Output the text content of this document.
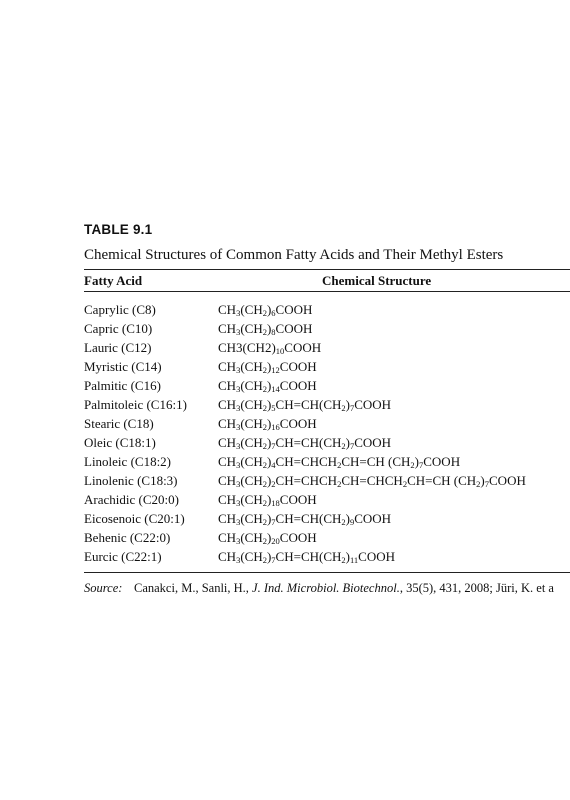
TABLE 9.1
Chemical Structures of Common Fatty Acids and Their Methyl Esters
Fatty Acid	Chemical Structure
Caprylic (C8)	$CH_3(CH_2)_6COOH$
Capric (C10)	$CH_3(CH_2)_8COOH$
Lauric (C12)	$CH3(CH2)_{10}COOH$
Myristic (C14)	$CH_3(CH_2)_{12}COOH$
Palmitic (C16)	$CH_3(CH_2)_{14}COOH$
Palmitoleic (C16:1) $CH_3(CH_2)_5CH=CH(CH_2)_7COOH$
Stearic (C18)	$CH_3(CH_2)_{16}COOH$
Oleic (C18:1)	$CH_3(CH_2)_7CH=CH(CH_2)_7COOH$
Linoleic (C18:2)	$CH_3(CH_2)_4CH=CHCH_2CH=CH$ $(CH_2)_7COOH$
Linolenic (C18:3)	$CH_3(CH_2)_2CH=CHCH_2CH=CHCH_2CH=CH$ $(CH_2)_7COOH$
Arachidic (C20:0)	$CH_3(CH_2)_{18}COOH$
Eicosenoic (C20:1)	$CH_3(CH_2)_7CH=CH(CH_2)_9COOH$
Behenic (C22:0)	$CH_3(CH_2)_{20}COOH$
Eurcic (C22:1)	$CH_3(CH_2)_7CH=CH(CH_2)_{11}COOH$
Source: Canakci, M., Sanli, H., J. Ind. Microbiol. Biotechnol., 35(5), 431, 2008; Jüri, K. et a
